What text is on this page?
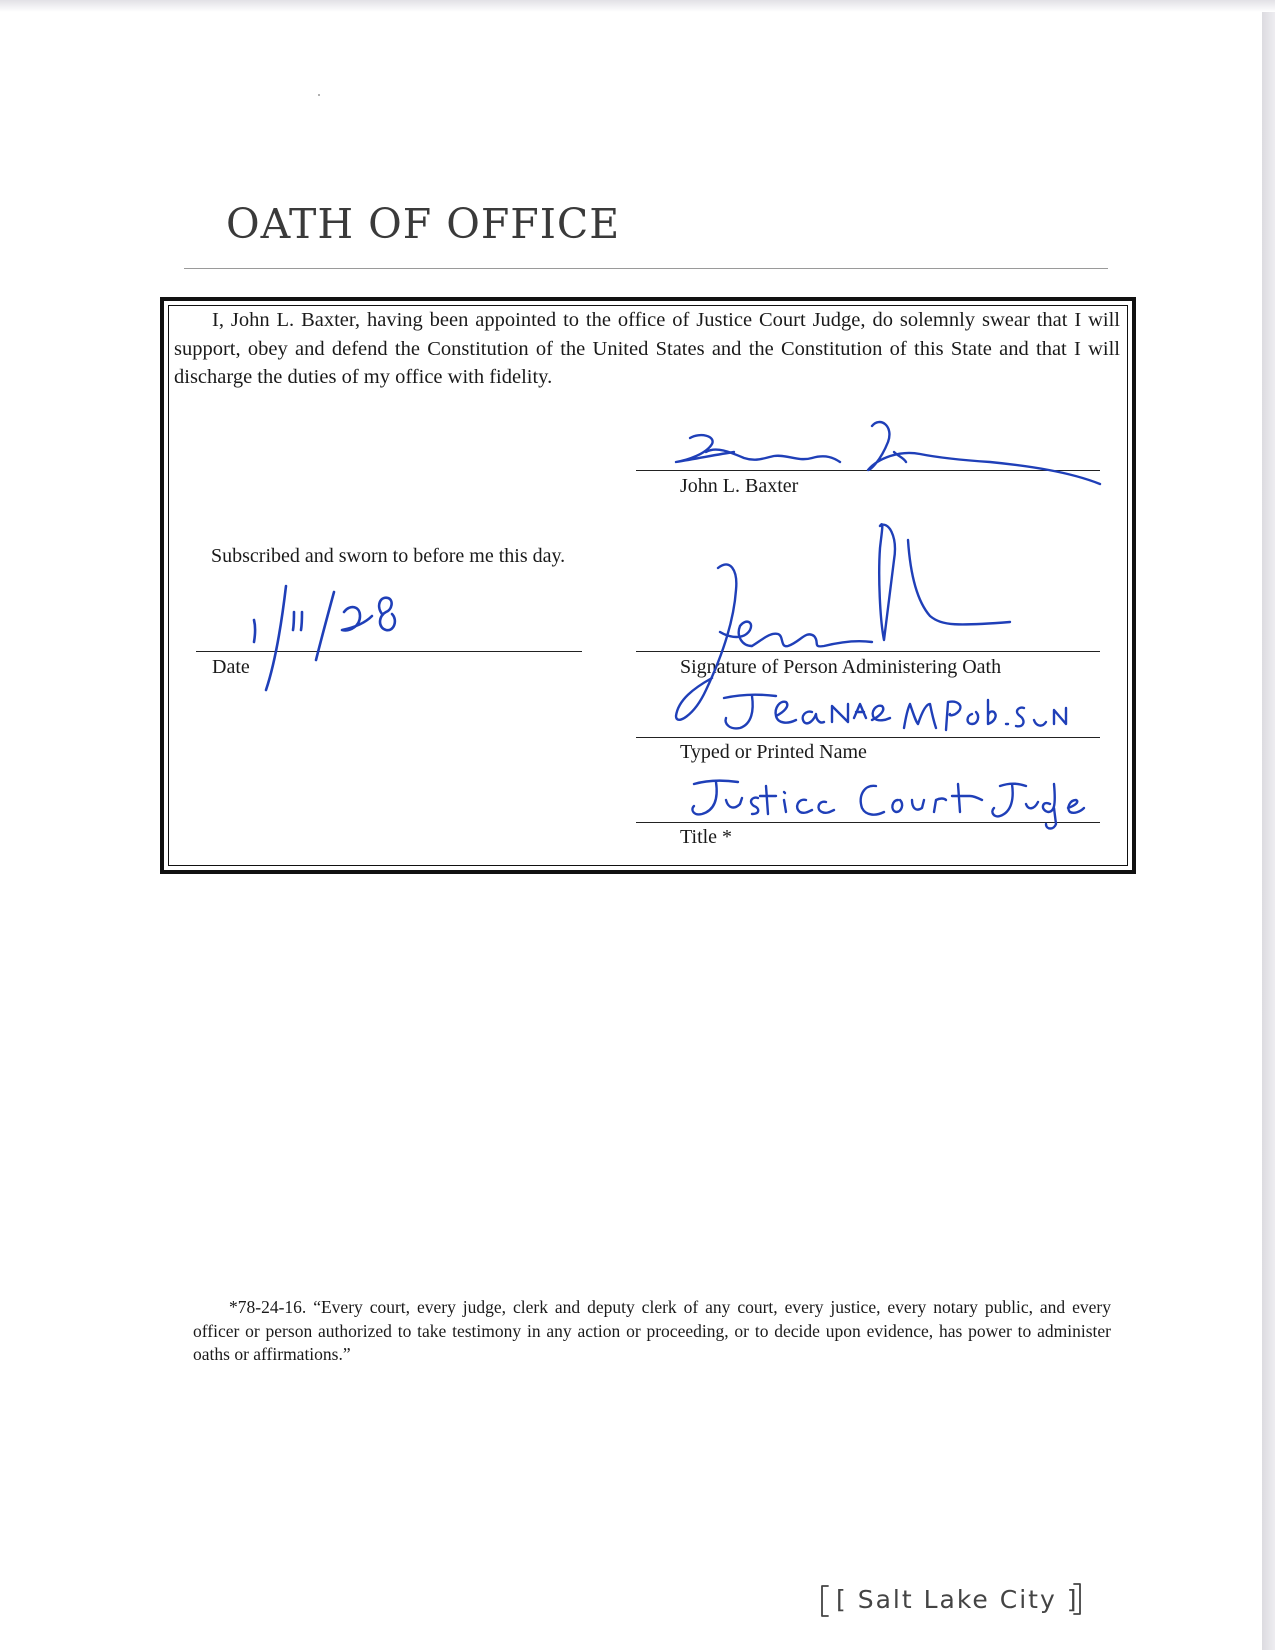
OATH OF OFFICE

I, John L. Baxter, having been appointed to the office of Justice Court Judge, do solemnly swear that I will support, obey and defend the Constitution of the United States and the Constitution of this State and that I will discharge the duties of my office with fidelity.

John L. Baxter
Subscribed and sworn to before me this day.
Date	Signature of Person Administering Oath
Typed or Printed Name
Title *

*78-24-16. “Every court, every judge, clerk and deputy clerk of any court, every justice, every notary public, and every officer or person authorized to take testimony in any action or proceeding, or to decide upon evidence, has power to administer oaths or affirmations.”

[ Salt Lake City ]
